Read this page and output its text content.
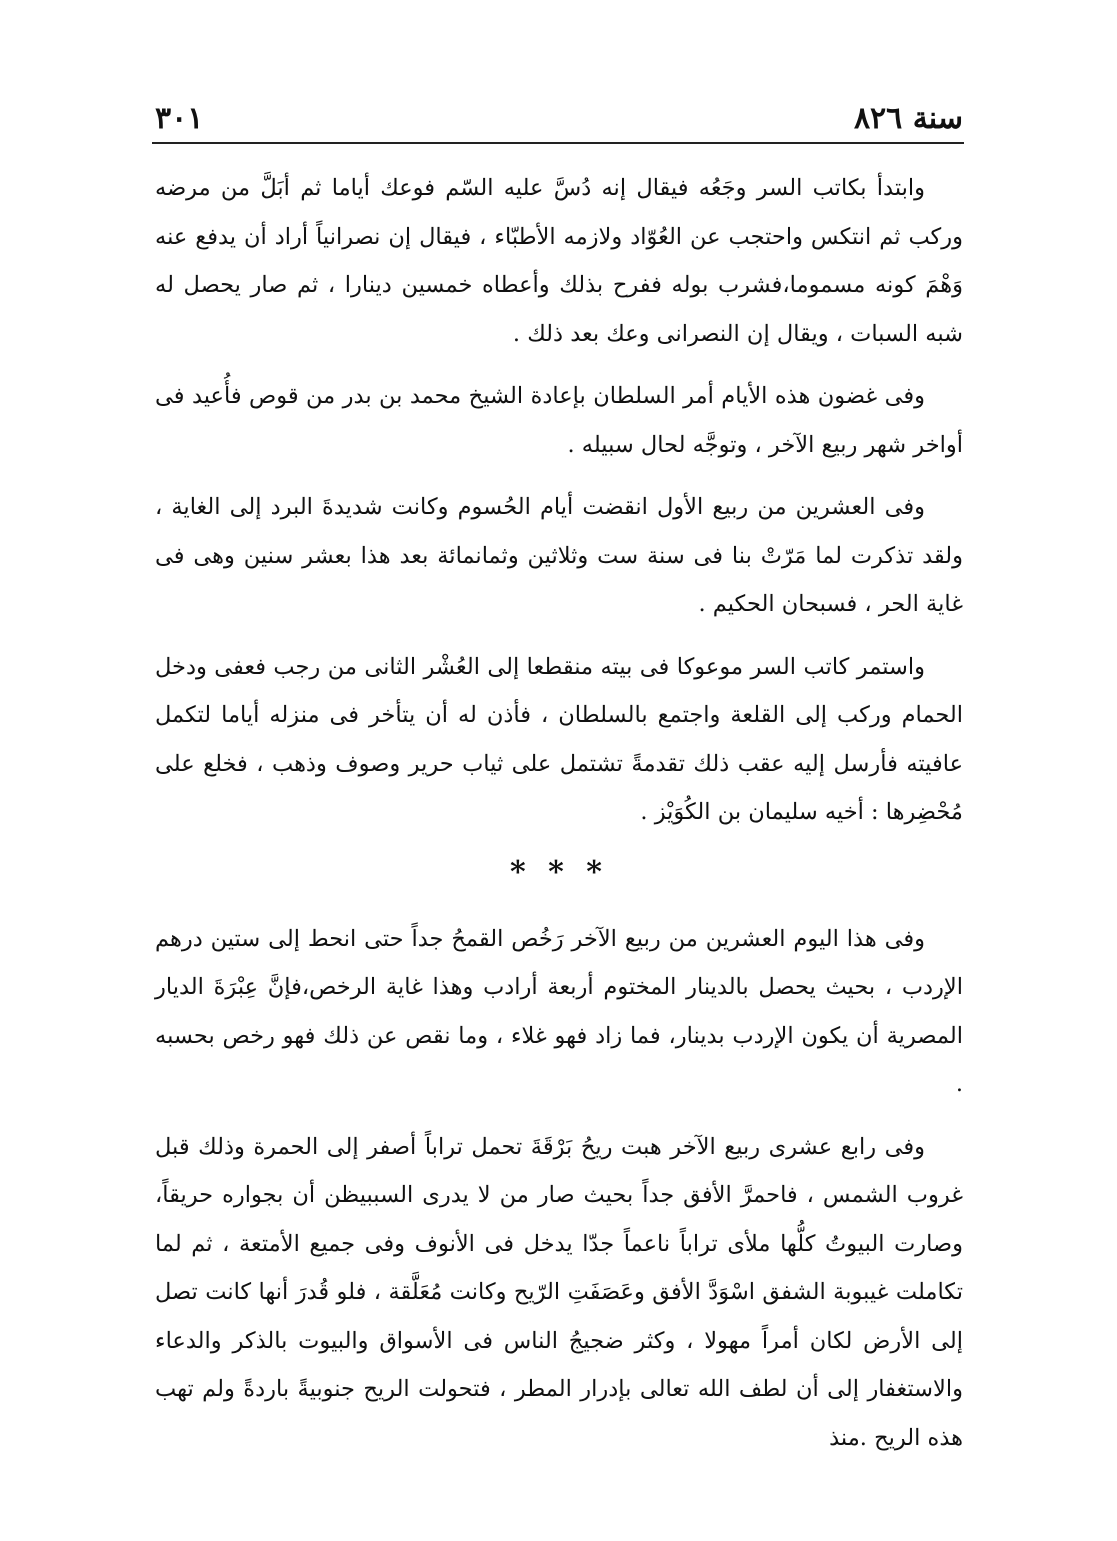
سنة ٨٢٦
٣٠١

وابتدأ بكاتب السر وجَعُه فيقال إنه دُسَّ عليه السّم فوعك أياما ثم أبَلَّ من مرضه وركب ثم انتكس واحتجب عن العُوّاد ولازمه الأطبّاء ، فيقال إن نصرانياً أراد أن يدفع عنه وَهْمَ كونه مسموما،فشرب بوله ففرح بذلك وأعطاه خمسين دينارا ، ثم صار يحصل له شبه السبات ، ويقال إن النصرانى وعك بعد ذلك .

وفى غضون هذه الأيام أمر السلطان بإعادة الشيخ محمد بن بدر من قوص فأُعيد فى أواخر شهر ربيع الآخر ، وتوجَّه لحال سبيله .

وفى العشرين من ربيع الأول انقضت أيام الحُسوم وكانت شديدةَ البرد إلى الغاية ، ولقد تذكرت لما مَرّتْ بنا فى سنة ست وثلاثين وثمانمائة بعد هذا بعشر سنين وهى فى غاية الحر ، فسبحان الحكيم .

واستمر كاتب السر موعوكا فى بيته منقطعا إلى العُشْر الثانى من رجب فعفى ودخل الحمام وركب إلى القلعة واجتمع بالسلطان ، فأذن له أن يتأخر فى منزله أياما لتكمل عافيته فأرسل إليه عقب ذلك تقدمةً تشتمل على ثياب حرير وصوف وذهب ، فخلع على مُحْضِرها : أخيه سليمان بن الكُوَيْز .

* * *

وفى هذا اليوم العشرين من ربيع الآخر رَخُص القمحُ جداً حتى انحط إلى ستين درهم الإردب ، بحيث يحصل بالدينار المختوم أربعة أرادب وهذا غاية الرخص،فإنَّ عِبْرَةَ الديار المصرية أن يكون الإردب بدينار، فما زاد فهو غلاء ، وما نقص عن ذلك فهو رخص بحسبه .

وفى رابع عشرى ربيع الآخر هبت ريحُ بَرْقَةَ تحمل تراباً أصفر إلى الحمرة وذلك قبل غروب الشمس ، فاحمرَّ الأفق جداً بحيث صار من لا يدرى السببيظن أن بجواره حريقاً، وصارت البيوتُ كلُّها ملأى تراباً ناعماً جدّا يدخل فى الأنوف وفى جميع الأمتعة ، ثم لما تكاملت غيبوبة الشفق اسْوَدَّ الأفق وعَصَفَتِ الرّيح وكانت مُعَلَّقة ، فلو قُدرَ أنها كانت تصل إلى الأرض لكان أمراً مهولا ، وكثر ضجيجُ الناس فى الأسواق والبيوت بالذكر والدعاء والاستغفار إلى أن لطف الله تعالى بإدرار المطر ، فتحولت الريح جنوبيةً باردةً ولم تهب هذه الريح .منذ
